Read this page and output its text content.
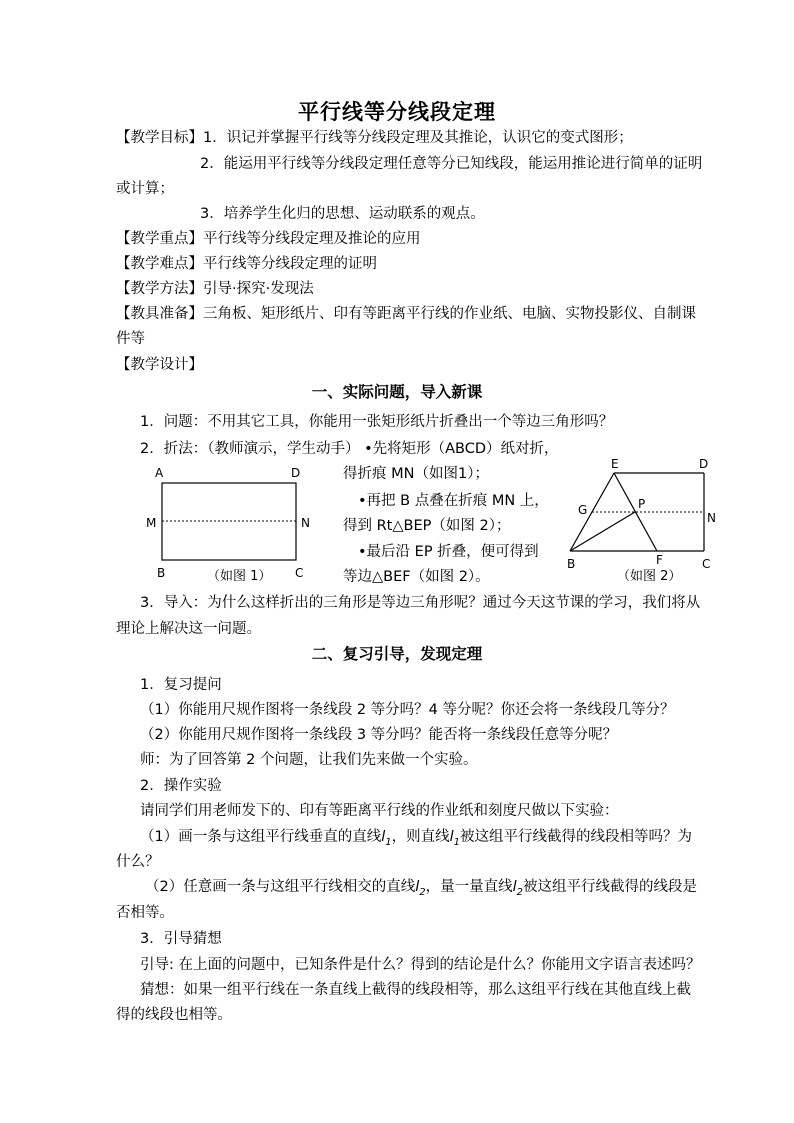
平行线等分线段定理
【教学目标】1．识记并掌握平行线等分线段定理及其推论，认识它的变式图形；
2．能运用平行线等分线段定理任意等分已知线段，能运用推论进行简单的证明
或计算；
3．培养学生化归的思想、运动联系的观点。
【教学重点】平行线等分线段定理及推论的应用
【教学难点】平行线等分线段定理的证明
【教学方法】引导·探究·发现法
【教具准备】三角板、矩形纸片、印有等距离平行线的作业纸、电脑、实物投影仪、自制课
件等
【教学设计】
一、实际问题，导入新课
1．问题：不用其它工具，你能用一张矩形纸片折叠出一个等边三角形吗？
2．折法：（教师演示，学生动手） •先将矩形（ABCD）纸对折，
得折痕 MN（如图1）；
•再把 B 点叠在折痕 MN 上，
得到 Rt△BEP（如图 2）；
•最后沿 EP 折叠，便可得到
等边△BEF（如图 2）。
A	D
M	N
B	C
（如图 1）
E	D
G	P
N
B	F	C
（如图 2）
3．导入：为什么这样折出的三角形是等边三角形呢？通过今天这节课的学习，我们将从
理论上解决这一问题。
二、复习引导，发现定理
1．复习提问
（1）你能用尺规作图将一条线段 2 等分吗？4 等分呢？你还会将一条线段几等分？
（2）你能用尺规作图将一条线段 3 等分吗？能否将一条线段任意等分呢？
师：为了回答第 2 个问题，让我们先来做一个实验。
2．操作实验
请同学们用老师发下的、印有等距离平行线的作业纸和刻度尺做以下实验：
（1）画一条与这组平行线垂直的直线$l_1$，则直线$l_1$被这组平行线截得的线段相等吗？为
什么？
（2）任意画一条与这组平行线相交的直线$l_2$，量一量直线$l_2$被这组平行线截得的线段是
否相等。
3．引导猜想
引导: 在上面的问题中，已知条件是什么？得到的结论是什么？你能用文字语言表述吗？
猜想：如果一组平行线在一条直线上截得的线段相等，那么这组平行线在其他直线上截
得的线段也相等。
